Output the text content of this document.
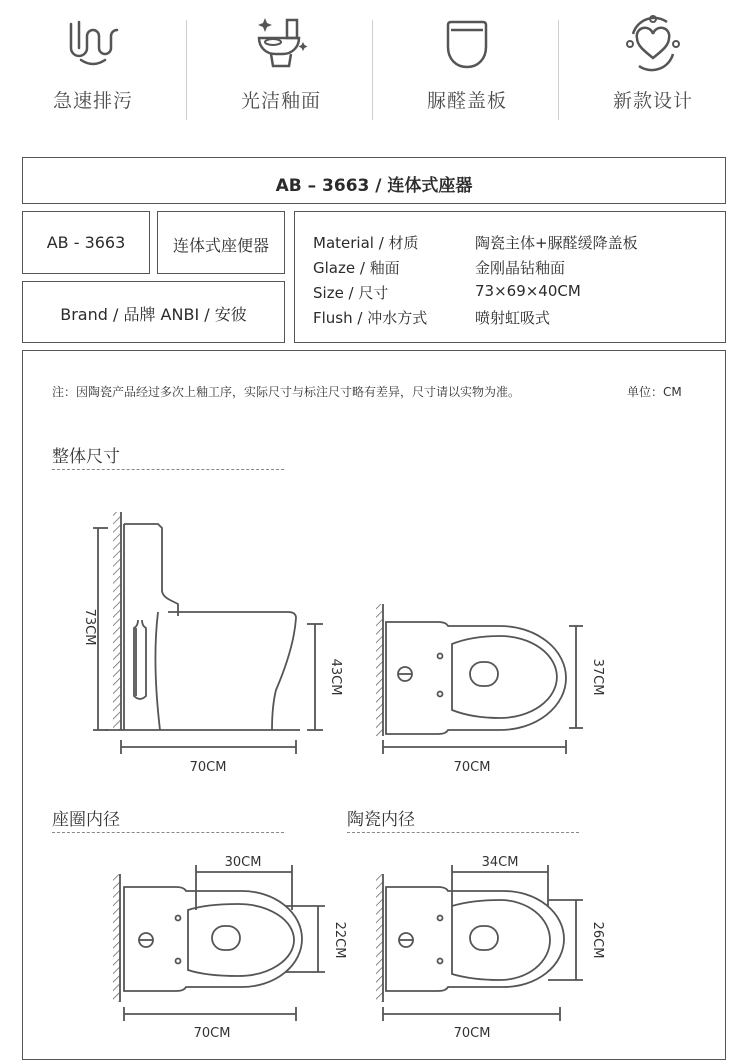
急速排污	光洁釉面	脲醛盖板	新款设计
AB – 3663 / 连体式座器
AB - 3663	连体式座便器
Brand / 品牌 ANBI / 安彼
Material / 材质	陶瓷主体+脲醛缓降盖板
Glaze / 釉面	金刚晶钻釉面
Size / 尺寸	73×69×40CM
Flush / 冲水方式	喷射虹吸式
注：因陶瓷产品经过多次上釉工序，实际尺寸与标注尺寸略有差异，尺寸请以实物为准。	单位：CM
整体尺寸
座圈内径	陶瓷内径
73CM
43CM
70CM
37CM
70CM
30CM
22CM
70CM
34CM
26CM
70CM
